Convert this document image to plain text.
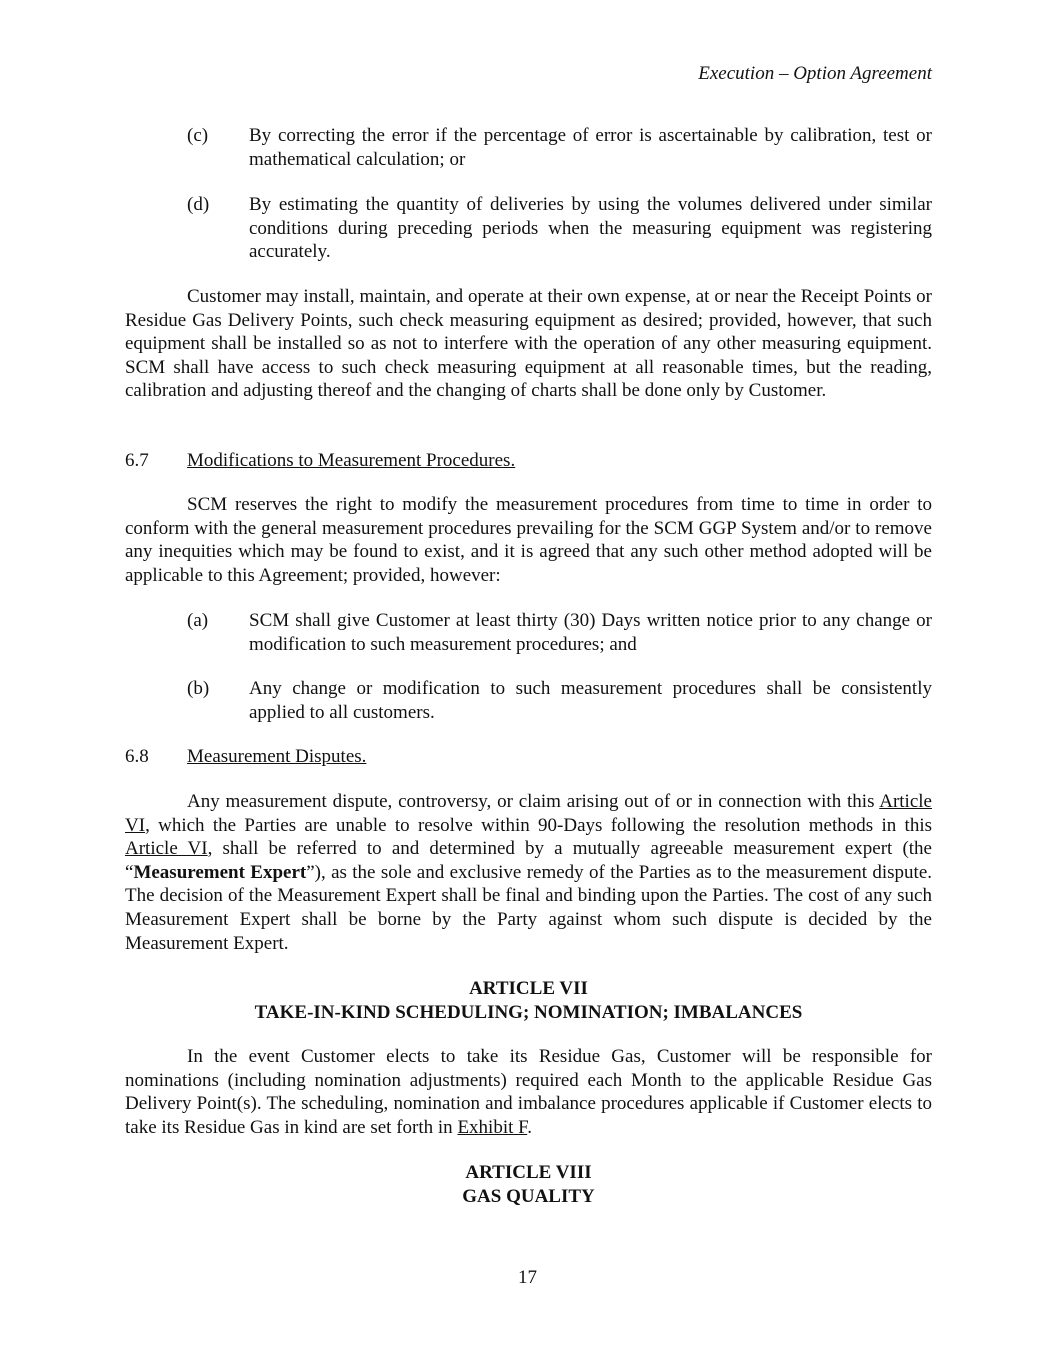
Execution – Option Agreement
(c) By correcting the error if the percentage of error is ascertainable by calibration, test or mathematical calculation; or
(d) By estimating the quantity of deliveries by using the volumes delivered under similar conditions during preceding periods when the measuring equipment was registering accurately.

Customer may install, maintain, and operate at their own expense, at or near the Receipt Points or Residue Gas Delivery Points, such check measuring equipment as desired; provided, however, that such equipment shall be installed so as not to interfere with the operation of any other measuring equipment. SCM shall have access to such check measuring equipment at all reasonable times, but the reading, calibration and adjusting thereof and the changing of charts shall be done only by Customer.

6.7 Modifications to Measurement Procedures.

SCM reserves the right to modify the measurement procedures from time to time in order to conform with the general measurement procedures prevailing for the SCM GGP System and/or to remove any inequities which may be found to exist, and it is agreed that any such other method adopted will be applicable to this Agreement; provided, however:

(a) SCM shall give Customer at least thirty (30) Days written notice prior to any change or modification to such measurement procedures; and
(b) Any change or modification to such measurement procedures shall be consistently applied to all customers.
6.8 Measurement Disputes.

Any measurement dispute, controversy, or claim arising out of or in connection with this Article VI, which the Parties are unable to resolve within 90-Days following the resolution methods in this Article VI, shall be referred to and determined by a mutually agreeable measurement expert (the “Measurement Expert”), as the sole and exclusive remedy of the Parties as to the measurement dispute. The decision of the Measurement Expert shall be final and binding upon the Parties. The cost of any such Measurement Expert shall be borne by the Party against whom such dispute is decided by the Measurement Expert.

ARTICLE VII
TAKE-IN-KIND SCHEDULING; NOMINATION; IMBALANCES

In the event Customer elects to take its Residue Gas, Customer will be responsible for nominations (including nomination adjustments) required each Month to the applicable Residue Gas Delivery Point(s). The scheduling, nomination and imbalance procedures applicable if Customer elects to take its Residue Gas in kind are set forth in Exhibit F.

ARTICLE VIII
GAS QUALITY
17
